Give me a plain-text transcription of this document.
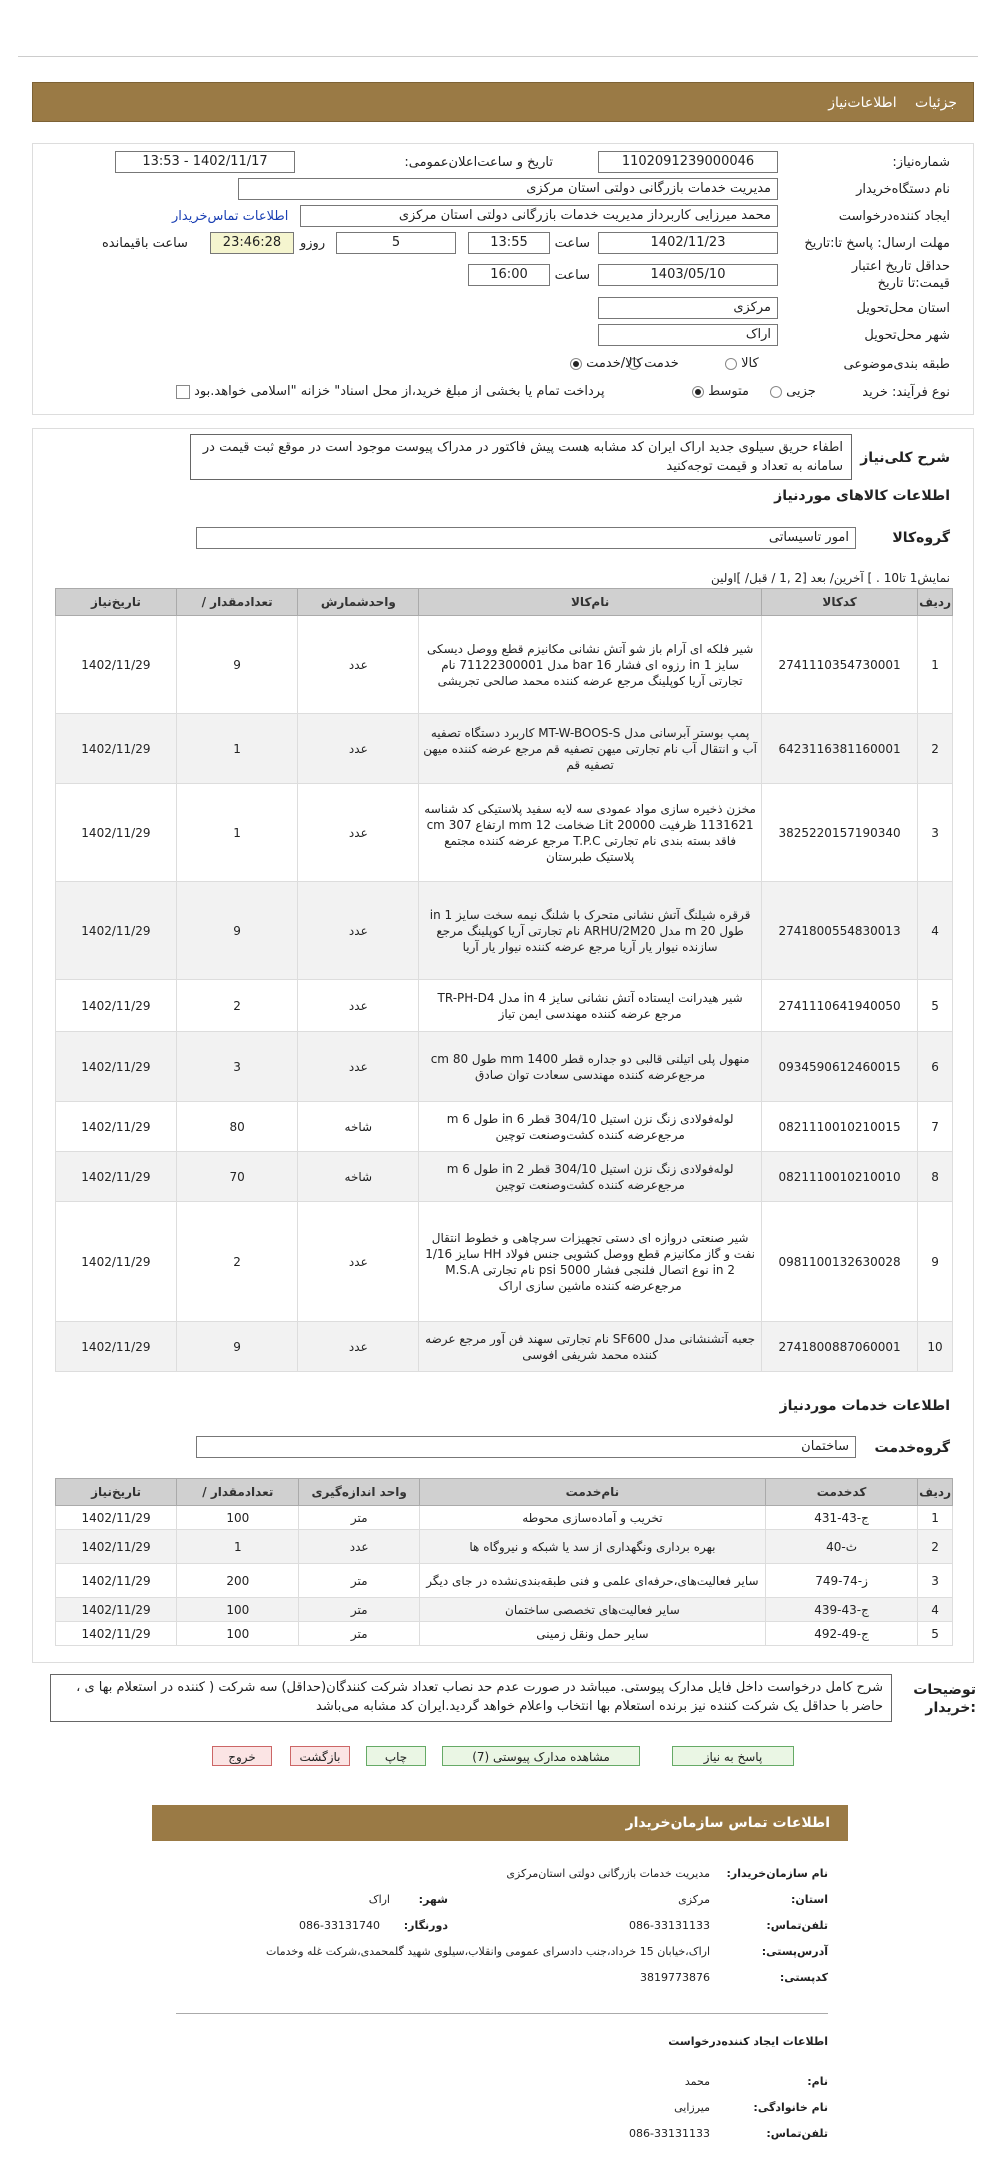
جزئیات اطلاعات‌نیاز
شماره‌نیاز:
1102091239000046
تاریخ و ساعت‌اعلان‌عمومی:
1402/11/17 - 13:53
نام دستگاه‌خریدار
مدیریت خدمات بازرگانی دولتی استان مرکزی
ایجاد کننده‌درخواست
محمد میرزایی کاربرداز مدیریت خدمات بازرگانی دولتی استان مرکزی
اطلاعات تماس‌خریدار
مهلت ارسال: پاسخ تا:تاریخ
1402/11/23
ساعت
13:55
5
روزو
23:46:28
ساعت باقیمانده
حداقل تاریخ اعتبار قیمت:تا تاریخ
1403/05/10
ساعت
16:00
استان محل‌تحویل
مرکزی
شهر محل‌تحویل
اراک
طبقه بندی‌موضوعی
کالا
خدمت
کالا/خدمت
نوع فرآیند: خرید
جزیی
متوسط
پرداخت تمام یا بخشی از مبلغ خرید،از محل اسناد" خزانه "اسلامی خواهد.بود
شرح کلی‌نیاز
اطفاء حریق سیلوی جدید اراک ایران کد مشابه هست پیش فاکتور در مدراک پیوست موجود است در موقع ثبت قیمت در سامانه به تعداد و قیمت توجه‌کنید
اطلاعات کالاهای موردنیاز
گروه‌کالا
امور تاسیساتی
نمایش1 تا10 . ] آخرین/ بعد [2 ,1 / قبل/ ]اولین
ردیف	کدکالا	نام‌کالا	واحدشمارش	تعدادمقدار /	تاریخ‌نیاز
1	2741110354730001	شیر فلکه ای آرام باز شو آتش نشانی مکانیزم قطع ووصل دیسکی سایز 1 in رزوه ای فشار 16 bar مدل 71122300001 نام تجارتی آریا کوپلینگ مرجع عرضه کننده محمد صالحی تجریشی	عدد	9	1402/11/29
2	6423116381160001	پمپ بوستر آبرسانی مدل MT-W-BOOS-S کاربرد دستگاه تصفیه آب و انتقال آب نام تجارتی میهن تصفیه قم مرجع عرضه کننده میهن تصفیه قم	عدد	1	1402/11/29
3	3825220157190340	مخزن ذخیره سازی مواد عمودی سه لایه سفید پلاستیکی کد شناسه 1131621 ظرفیت 20000 Lit ضخامت 12 mm ارتفاع 307 cm فاقد بسته بندی نام تجارتی T.P.C مرجع عرضه کننده مجتمع پلاستیک طبرستان	عدد	1	1402/11/29
4	2741800554830013	قرقره شیلنگ آتش نشانی متحرک با شلنگ نیمه سخت سایز 1 in طول 20 m مدل ARHU/2M20 نام تجارتی آریا کوپلینگ مرجع سازنده نیوار یار آریا مرجع عرضه کننده نیوار یار آریا	عدد	9	1402/11/29
5	2741110641940050	شیر هیدرانت ایستاده آتش نشانی سایز 4 in مدل TR-PH-D4 مرجع عرضه کننده مهندسی ایمن تیاز	عدد	2	1402/11/29
6	0934590612460015	منهول پلی اتیلنی قالبی دو جداره قطر 1400 mm طول 80 cm مرجع‌عرضه کننده مهندسی سعادت توان صادق	عدد	3	1402/11/29
7	0821110010210015	لوله‌فولادی زنگ نزن استیل 304/10 قطر 6 in طول 6 m مرجع‌عرضه کننده کشت‌وصنعت توچین	شاخه	80	1402/11/29
8	0821110010210010	لوله‌فولادی زنگ نزن استیل 304/10 قطر 2 in طول 6 m مرجع‌عرضه کننده کشت‌وصنعت توچین	شاخه	70	1402/11/29
9	0981100132630028	شیر صنعتی دروازه ای دستی تجهیزات سرچاهی و خطوط انتقال نفت و گاز مکانیزم قطع ووصل کشویی جنس فولاد HH سایز 1/16 2 in نوع اتصال فلنجی فشار 5000 psi نام تجارتی M.S.A مرجع‌عرضه کننده ماشین سازی اراک	عدد	2	1402/11/29
10	2741800887060001	جعبه آتشنشانی مدل SF600 نام تجارتی سهند فن آور مرجع عرضه کننده محمد شریفی افوسی	عدد	9	1402/11/29
اطلاعات خدمات موردنیاز
گروه‌خدمت
ساختمان
ردیف	کدخدمت	نام‌خدمت	واحد اندازه‌گیری	تعدادمقدار /	تاریخ‌نیاز
1	ج-43-431	تخریب و آماده‌سازی محوطه	متر	100	1402/11/29
2	ث-40	بهره برداری ونگهداری از سد یا شبکه و نیروگاه ها	عدد	1	1402/11/29
3	ز-74-749	سایر فعالیت‌های،حرفه‌ای علمی و فنی طبقه‌بندی‌نشده در جای دیگر	متر	200	1402/11/29
4	ج-43-439	سایر فعالیت‌های تخصصی ساختمان	متر	100	1402/11/29
5	ج-49-492	سایر حمل ونقل زمینی	متر	100	1402/11/29
توضیحات :خریدار
شرح کامل درخواست داخل فایل مدارک پیوستی. میباشد در صورت عدم حد نصاب تعداد شرکت کنندگان(حداقل) سه شرکت ( کننده در استعلام بها ی ، حاضر با حداقل یک شرکت کننده نیز برنده استعلام بها انتخاب واعلام خواهد گردید.ایران کد مشابه می‌باشد
پاسخ به نیاز
مشاهده مدارک پیوستی (7)
چاپ
بازگشت
خروج
اطلاعات تماس سازمان‌خریدار
نام سازمان‌خریدار:
مدیریت خدمات بازرگانی دولتی استان‌مرکزی
استان:
مرکزی
شهر:
اراک
تلفن‌تماس:
086-33131133
دورنگار:
086-33131740
آدرس‌پستی:
اراک،خیابان 15 خرداد،جنب دادسرای عمومی وانقلاب،سیلوی شهید گلمحمدی،شرکت غله وخدمات
کدپستی:
3819773876
اطلاعات ایجاد کننده‌درخواست
نام:
محمد
نام خانوادگی:
میرزایی
تلفن‌تماس:
086-33131133
